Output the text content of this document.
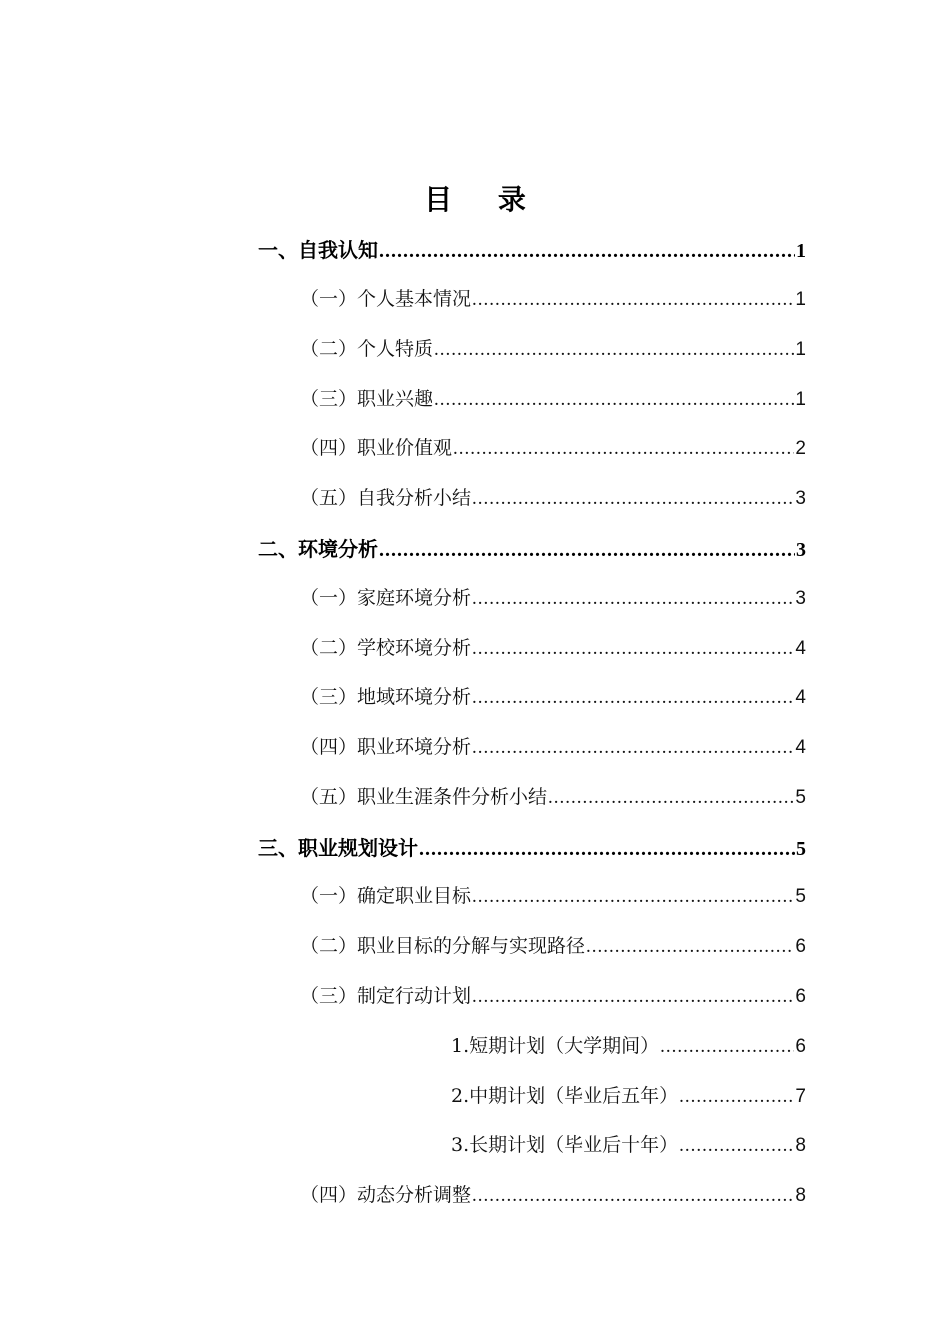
目 录
一、自我认知 .....	1
（一）个人基本情况 .....	1
（二）个人特质 .....	1
（三）职业兴趣 .....	1
（四）职业价值观 .....	2
（五）自我分析小结 .....	3
二、环境分析 .....	3
（一）家庭环境分析 .....	3
（二）学校环境分析 .....	4
（三）地域环境分析 .....	4
（四）职业环境分析 .....	4
（五）职业生涯条件分析小结 .....	5
三、职业规划设计 .....	5
（一）确定职业目标 .....	5
（二）职业目标的分解与实现路径 .....	6
（三）制定行动计划 .....	6
1.短期计划（大学期间） .....	6
2.中期计划（毕业后五年） .....	7
3.长期计划（毕业后十年） .....	8
（四）动态分析调整 .....	8
